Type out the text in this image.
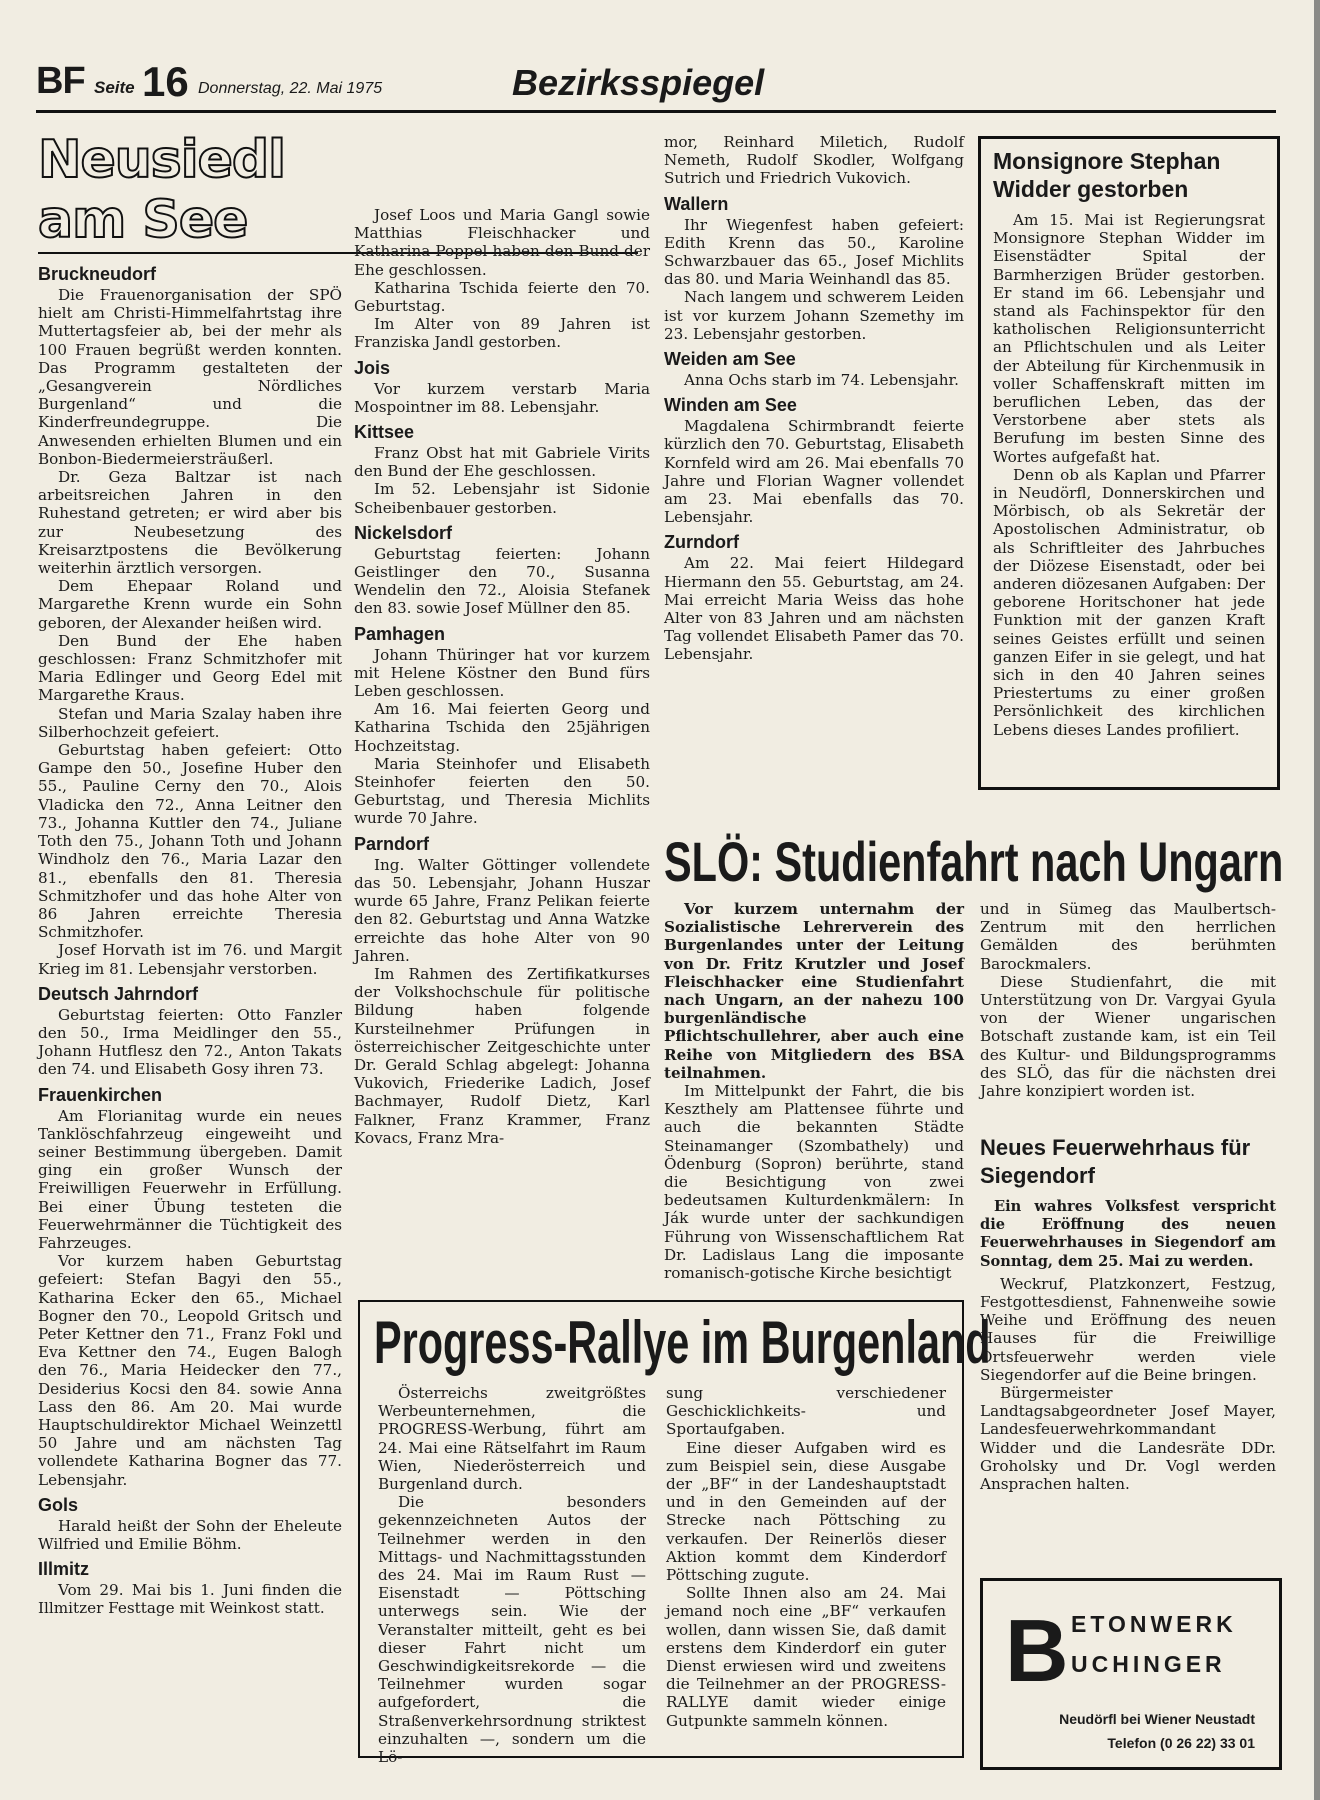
BF Seite 16 Donnerstag, 22. Mai 1975	Bezirksspiegel
Neusiedl am See
Bruckneudorf

Die Frauenorganisation der SPÖ hielt am Christi-Himmelfahrtstag ihre Muttertagsfeier ab, bei der mehr als 100 Frauen begrüßt werden konnten. Das Programm gestalteten der „Gesangverein Nördliches Burgenland“ und die Kinderfreundegruppe. Die Anwesenden erhielten Blumen und ein Bonbon-Biedermeiersträußerl.

Dr. Geza Baltzar ist nach arbeitsreichen Jahren in den Ruhestand getreten; er wird aber bis zur Neubesetzung des Kreisarztpostens die Bevölkerung weiterhin ärztlich versorgen.

Dem Ehepaar Roland und Margarethe Krenn wurde ein Sohn geboren, der Alexander heißen wird.

Den Bund der Ehe haben geschlossen: Franz Schmitzhofer mit Maria Edlinger und Georg Edel mit Margarethe Kraus.

Stefan und Maria Szalay haben ihre Silberhochzeit gefeiert.

Geburtstag haben gefeiert: Otto Gampe den 50., Josefine Huber den 55., Pauline Cerny den 70., Alois Vladicka den 72., Anna Leitner den 73., Johanna Kuttler den 74., Juliane Toth den 75., Johann Toth und Johann Windholz den 76., Maria Lazar den 81., ebenfalls den 81. Theresia Schmitzhofer und das hohe Alter von 86 Jahren erreichte Theresia Schmitzhofer.

Josef Horvath ist im 76. und Margit Krieg im 81. Lebensjahr verstorben.

Deutsch Jahrndorf

Geburtstag feierten: Otto Fanzler den 50., Irma Meidlinger den 55., Johann Hutflesz den 72., Anton Takats den 74. und Elisabeth Gosy ihren 73.

Frauenkirchen

Am Florianitag wurde ein neues Tanklöschfahrzeug eingeweiht und seiner Bestimmung übergeben. Damit ging ein großer Wunsch der Freiwilligen Feuerwehr in Erfüllung. Bei einer Übung testeten die Feuerwehrmänner die Tüchtigkeit des Fahrzeuges.

Vor kurzem haben Geburtstag gefeiert: Stefan Bagyi den 55., Katharina Ecker den 65., Michael Bogner den 70., Leopold Gritsch und Peter Kettner den 71., Franz Fokl und Eva Kettner den 74., Eugen Balogh den 76., Maria Heidecker den 77., Desiderius Kocsi den 84. sowie Anna Lass den 86. Am 20. Mai wurde Hauptschuldirektor Michael Weinzettl 50 Jahre und am nächsten Tag vollendete Katharina Bogner das 77. Lebensjahr.

Gols

Harald heißt der Sohn der Eheleute Wilfried und Emilie Böhm.

Illmitz

Vom 29. Mai bis 1. Juni finden die Illmitzer Festtage mit Weinkost statt.

Josef Loos und Maria Gangl sowie Matthias Fleischhacker und Katharina Poppel haben den Bund der Ehe geschlossen.

Katharina Tschida feierte den 70. Geburtstag.

Im Alter von 89 Jahren ist Franziska Jandl gestorben.

Jois

Vor kurzem verstarb Maria Mospointner im 88. Lebensjahr.

Kittsee

Franz Obst hat mit Gabriele Virits den Bund der Ehe geschlossen.

Im 52. Lebensjahr ist Sidonie Scheibenbauer gestorben.

Nickelsdorf

Geburtstag feierten: Johann Geistlinger den 70., Susanna Wendelin den 72., Aloisia Stefanek den 83. sowie Josef Müllner den 85.

Pamhagen

Johann Thüringer hat vor kurzem mit Helene Köstner den Bund fürs Leben geschlossen.

Am 16. Mai feierten Georg und Katharina Tschida den 25jährigen Hochzeitstag.

Maria Steinhofer und Elisabeth Steinhofer feierten den 50. Geburtstag, und Theresia Michlits wurde 70 Jahre.

Parndorf

Ing. Walter Göttinger vollendete das 50. Lebensjahr, Johann Huszar wurde 65 Jahre, Franz Pelikan feierte den 82. Geburtstag und Anna Watzke erreichte das hohe Alter von 90 Jahren.

Im Rahmen des Zertifikatkurses der Volkshochschule für politische Bildung haben folgende Kursteilnehmer Prüfungen in österreichischer Zeitgeschichte unter Dr. Gerald Schlag abgelegt: Johanna Vukovich, Friederike Ladich, Josef Bachmayer, Rudolf Dietz, Karl Falkner, Franz Krammer, Franz Kovacs, Franz Mra-

mor, Reinhard Miletich, Rudolf Nemeth, Rudolf Skodler, Wolfgang Sutrich und Friedrich Vukovich.

Wallern

Ihr Wiegenfest haben gefeiert: Edith Krenn das 50., Karoline Schwarzbauer das 65., Josef Michlits das 80. und Maria Weinhandl das 85.

Nach langem und schwerem Leiden ist vor kurzem Johann Szemethy im 23. Lebensjahr gestorben.

Weiden am See

Anna Ochs starb im 74. Lebensjahr.

Winden am See

Magdalena Schirmbrandt feierte kürzlich den 70. Geburtstag, Elisabeth Kornfeld wird am 26. Mai ebenfalls 70 Jahre und Florian Wagner vollendet am 23. Mai ebenfalls das 70. Lebensjahr.

Zurndorf

Am 22. Mai feiert Hildegard Hiermann den 55. Geburtstag, am 24. Mai erreicht Maria Weiss das hohe Alter von 83 Jahren und am nächsten Tag vollendet Elisabeth Pamer das 70. Lebensjahr.

Monsignore Stephan Widder gestorben

Am 15. Mai ist Regierungsrat Monsignore Stephan Widder im Eisenstädter Spital der Barmherzigen Brüder gestorben. Er stand im 66. Lebensjahr und stand als Fachinspektor für den katholischen Religionsunterricht an Pflichtschulen und als Leiter der Abteilung für Kirchenmusik in voller Schaffenskraft mitten im beruflichen Leben, das der Verstorbene aber stets als Berufung im besten Sinne des Wortes aufgefaßt hat.

Denn ob als Kaplan und Pfarrer in Neudörfl, Donnerskirchen und Mörbisch, ob als Sekretär der Apostolischen Administratur, ob als Schriftleiter des Jahrbuches der Diözese Eisenstadt, oder bei anderen diözesanen Aufgaben: Der geborene Horitschoner hat jede Funktion mit der ganzen Kraft seines Geistes erfüllt und seinen ganzen Eifer in sie gelegt, und hat sich in den 40 Jahren seines Priestertums zu einer großen Persönlichkeit des kirchlichen Lebens dieses Landes profiliert.

SLÖ: Studienfahrt nach Ungarn

Vor kurzem unternahm der Sozialistische Lehrerverein des Burgenlandes unter der Leitung von Dr. Fritz Krutzler und Josef Fleischhacker eine Studienfahrt nach Ungarn, an der nahezu 100 burgenländische Pflichtschullehrer, aber auch eine Reihe von Mitgliedern des BSA teilnahmen.

Im Mittelpunkt der Fahrt, die bis Keszthely am Plattensee führte und auch die bekannten Städte Steinamanger (Szombathely) und Ödenburg (Sopron) berührte, stand die Besichtigung von zwei bedeutsamen Kulturdenkmälern: In Ják wurde unter der sachkundigen Führung von Wissenschaftlichem Rat Dr. Ladislaus Lang die imposante romanisch-gotische Kirche besichtigt

und in Sümeg das Maulbertsch-Zentrum mit den herrlichen Gemälden des berühmten Barockmalers.

Diese Studienfahrt, die mit Unterstützung von Dr. Vargyai Gyula von der Wiener ungarischen Botschaft zustande kam, ist ein Teil des Kultur- und Bildungsprogramms des SLÖ, das für die nächsten drei Jahre konzipiert worden ist.

Neues Feuerwehrhaus für Siegendorf

Ein wahres Volksfest verspricht die Eröffnung des neuen Feuerwehrhauses in Siegendorf am Sonntag, dem 25. Mai zu werden.

Weckruf, Platzkonzert, Festzug, Festgottesdienst, Fahnenweihe sowie Weihe und Eröffnung des neuen Hauses für die Freiwillige Ortsfeuerwehr werden viele Siegendorfer auf die Beine bringen.

Bürgermeister Landtagsabgeordneter Josef Mayer, Landesfeuerwehrkommandant Widder und die Landesräte DDr. Groholsky und Dr. Vogl werden Ansprachen halten.

Progress-Rallye im Burgenland

Österreichs zweitgrößtes Werbeunternehmen, die PROGRESS-Werbung, führt am 24. Mai eine Rätselfahrt im Raum Wien, Niederösterreich und Burgenland durch.

Die besonders gekennzeichneten Autos der Teilnehmer werden in den Mittags- und Nachmittagsstunden des 24. Mai im Raum Rust — Eisenstadt — Pöttsching unterwegs sein. Wie der Veranstalter mitteilt, geht es bei dieser Fahrt nicht um Geschwindigkeitsrekorde — die Teilnehmer wurden sogar aufgefordert, die Straßenverkehrsordnung striktest einzuhalten —, sondern um die Lö-

sung verschiedener Geschicklichkeits- und Sportaufgaben.

Eine dieser Aufgaben wird es zum Beispiel sein, diese Ausgabe der „BF“ in der Landeshauptstadt und in den Gemeinden auf der Strecke nach Pöttsching zu verkaufen. Der Reinerlös dieser Aktion kommt dem Kinderdorf Pöttsching zugute.

Sollte Ihnen also am 24. Mai jemand noch eine „BF“ verkaufen wollen, dann wissen Sie, daß damit erstens dem Kinderdorf ein guter Dienst erwiesen wird und zweitens die Teilnehmer an der PROGRESS-RALLYE damit wieder einige Gutpunkte sammeln können.

B ETONWERK
UCHINGER
Neudörfl bei Wiener Neustadt
Telefon (0 26 22) 33 01
